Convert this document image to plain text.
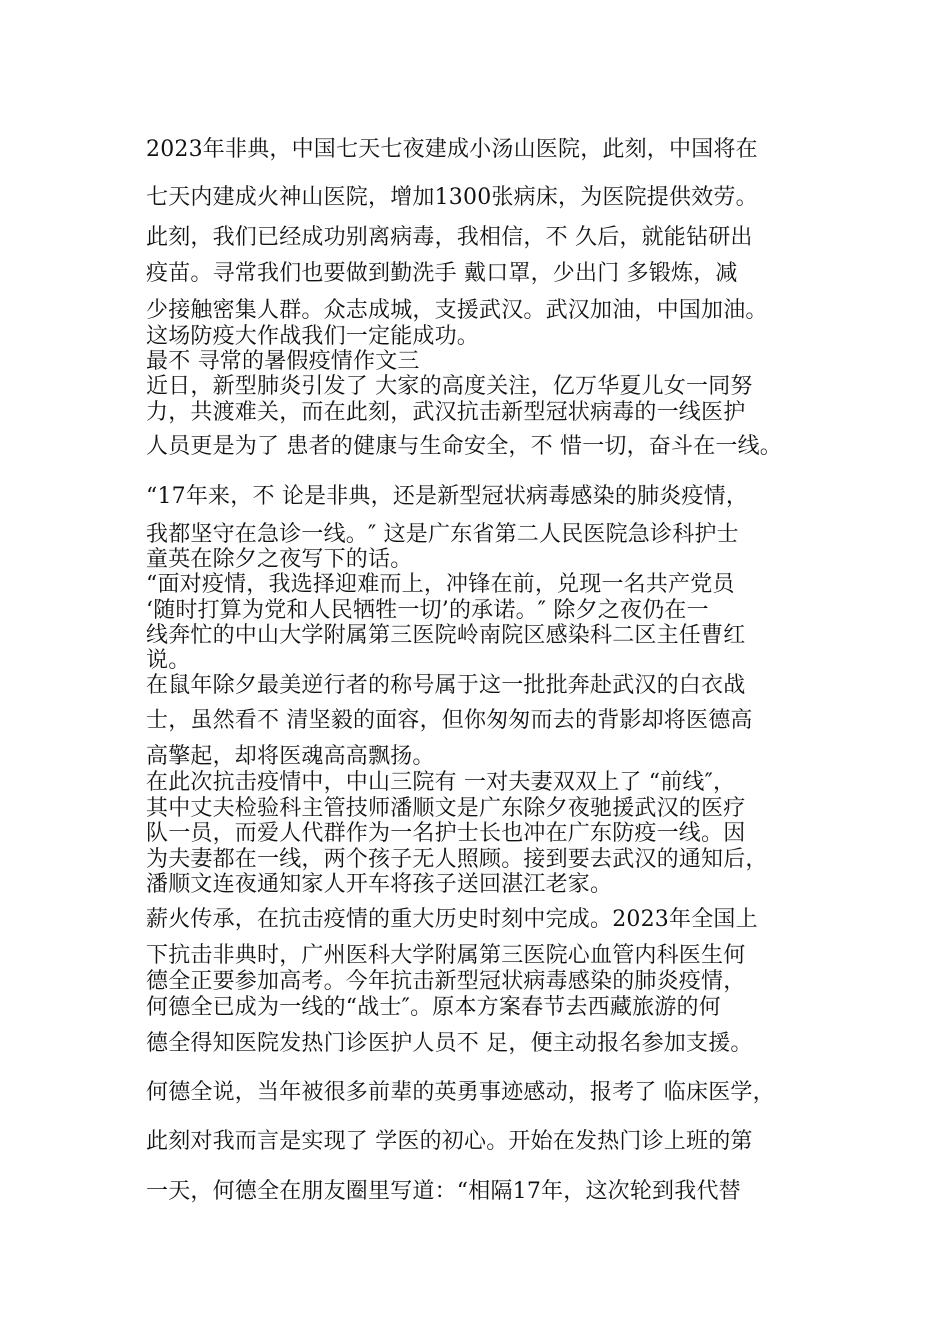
2023年非典，中国七天七夜建成小汤山医院，此刻，中国将在

七天内建成火神山医院，增加1300张病床，为医院提供效劳。

此刻，我们已经成功别离病毒，我相信，不 久后，就能钻研出

疫苗。寻常我们也要做到勤洗手 戴口罩，少出门 多锻炼，减

少接触密集人群。众志成城，支援武汉。武汉加油，中国加油。

这场防疫大作战我们一定能成功。

最不 寻常的暑假疫情作文三

近日，新型肺炎引发了 大家的高度关注，亿万华夏儿女一同努

力，共渡难关，而在此刻，武汉抗击新型冠状病毒的一线医护

人员更是为了 患者的健康与生命安全，不 惜一切，奋斗在一线。

“17年来，不 论是非典，还是新型冠状病毒感染的肺炎疫情，

我都坚守在急诊一线。″ 这是广东省第二人民医院急诊科护士

童英在除夕之夜写下的话。

“面对疫情，我选择迎难而上，冲锋在前，兑现一名共产党员

‘随时打算为党和人民牺牲一切’的承诺。″ 除夕之夜仍在一

线奔忙的中山大学附属第三医院岭南院区感染科二区主任曹红

说。

在鼠年除夕最美逆行者的称号属于这一批批奔赴武汉的白衣战

士，虽然看不 清坚毅的面容，但你匆匆而去的背影却将医德高

高擎起，却将医魂高高飘扬。

在此次抗击疫情中，中山三院有 一对夫妻双双上了 “前线″，

其中丈夫检验科主管技师潘顺文是广东除夕夜驰援武汉的医疗

队一员，而爱人代群作为一名护士长也冲在广东防疫一线。因

为夫妻都在一线，两个孩子无人照顾。接到要去武汉的通知后，

潘顺文连夜通知家人开车将孩子送回湛江老家。

薪火传承，在抗击疫情的重大历史时刻中完成。2023年全国上

下抗击非典时，广州医科大学附属第三医院心血管内科医生何

德全正要参加高考。今年抗击新型冠状病毒感染的肺炎疫情，

何德全已成为一线的“战士″。原本方案春节去西藏旅游的何

德全得知医院发热门诊医护人员不 足，便主动报名参加支援。

何德全说，当年被很多前辈的英勇事迹感动，报考了 临床医学，

此刻对我而言是实现了 学医的初心。开始在发热门诊上班的第

一天，何德全在朋友圈里写道：“相隔17年，这次轮到我代替
